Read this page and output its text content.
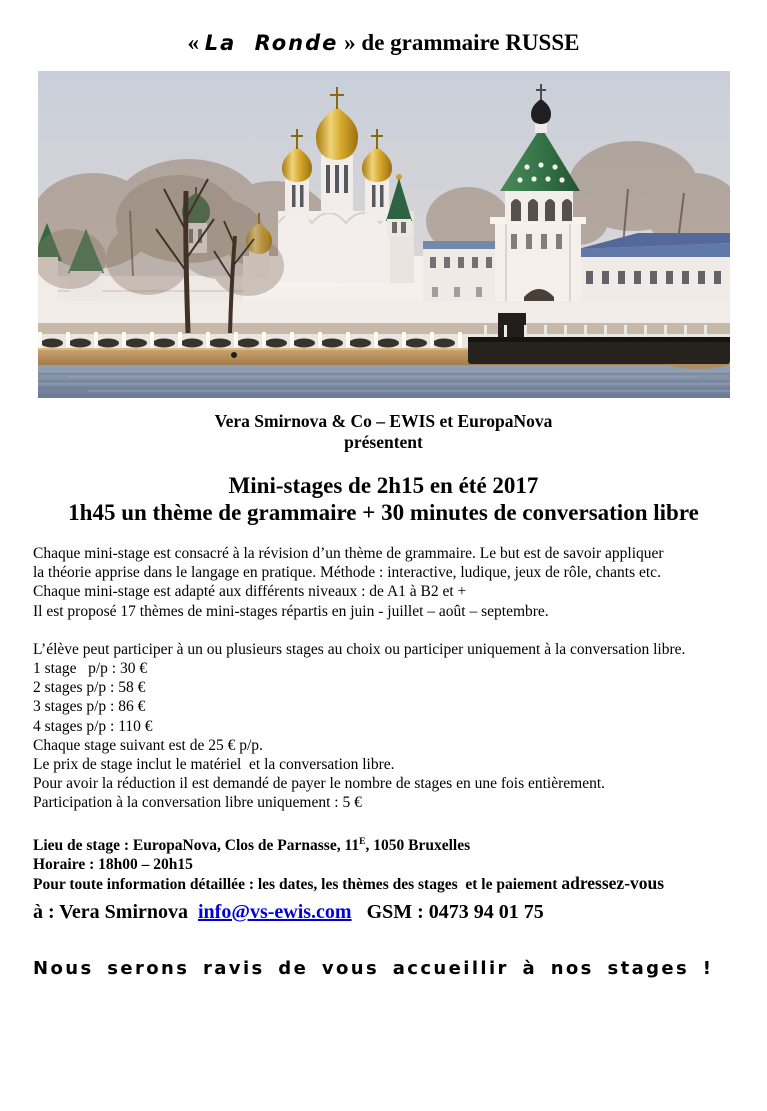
« La Ronde » de grammaire RUSSE
Vera Smirnova & Co – EWIS et EuropaNova
présentent
Mini-stages de 2h15 en été 2017
1h45 un thème de grammaire + 30 minutes de conversation libre
Chaque mini-stage est consacré à la révision d’un thème de grammaire. Le but est de savoir appliquer
la théorie apprise dans le langage en pratique. Méthode : interactive, ludique, jeux de rôle, chants etc.
Chaque mini-stage est adapté aux différents niveaux : de A1 à B2 et +
Il est proposé 17 thèmes de mini-stages répartis en juin - juillet – août – septembre.
L’élève peut participer à un ou plusieurs stages au choix ou participer uniquement à la conversation libre.
1 stage   p/p : 30 €
2 stages p/p : 58 €
3 stages p/p : 86 €
4 stages p/p : 110 €
Chaque stage suivant est de 25 € p/p.
Le prix de stage inclut le matériel  et la conversation libre.
Pour avoir la réduction il est demandé de payer le nombre de stages en une fois entièrement.
Participation à la conversation libre uniquement : 5 €
Lieu de stage : EuropaNova, Clos de Parnasse, $11^E$, 1050 Bruxelles
Horaire : 18h00 – 20h15
Pour toute information détaillée : les dates, les thèmes des stages  et le paiement adressez-vous
à : Vera Smirnova  info@vs-ewis.com   GSM : 0473 94 01 75
Nous serons ravis de vous accueillir à nos stages !
